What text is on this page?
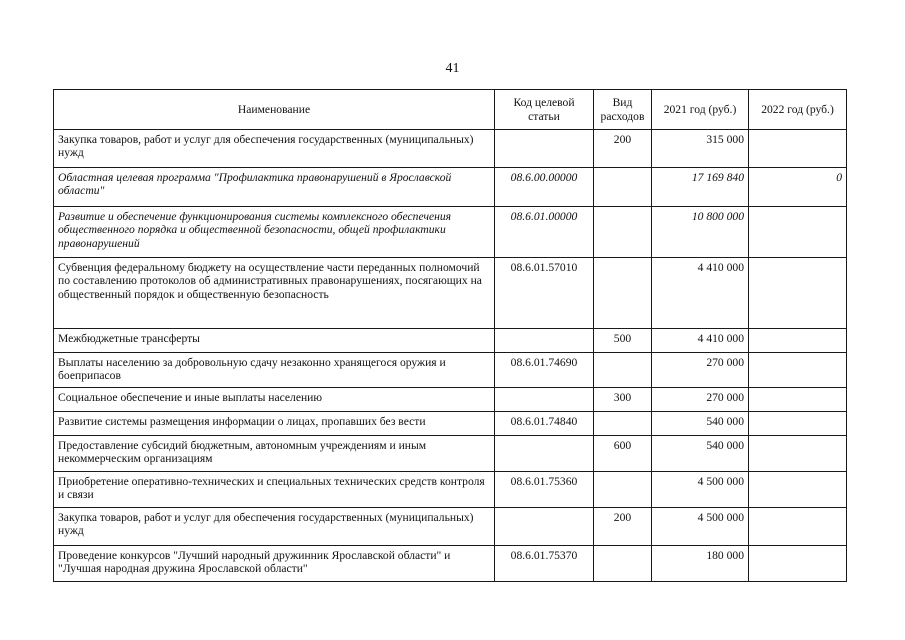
41
Наименование	Код целевой статьи	Вид расходов	2021 год (руб.)	2022 год (руб.)
Закупка товаров, работ и услуг для обеспечения государственных (муниципальных) нужд		200	315 000	
Областная целевая программа "Профилактика правонарушений в Ярославской области"	08.6.00.00000		17 169 840	0
Развитие и обеспечение функционирования системы комплексного обеспечения общественного порядка и общественной безопасности, общей профилактики правонарушений	08.6.01.00000		10 800 000	
Субвенция федеральному бюджету на осуществление части переданных полномочий по составлению протоколов об административных правонарушениях, посягающих на общественный порядок и общественную безопасность	08.6.01.57010		4 410 000	
Межбюджетные трансферты		500	4 410 000	
Выплаты населению за добровольную сдачу незаконно хранящегося оружия и боеприпасов	08.6.01.74690		270 000	
Социальное обеспечение и иные выплаты населению		300	270 000	
Развитие системы размещения информации о лицах, пропавших без вести	08.6.01.74840		540 000	
Предоставление субсидий бюджетным, автономным учреждениям и иным некоммерческим организациям		600	540 000	
Приобретение оперативно-технических и специальных технических средств контроля и связи	08.6.01.75360		4 500 000	
Закупка товаров, работ и услуг для обеспечения государственных (муниципальных) нужд		200	4 500 000	
Проведение конкурсов "Лучший народный дружинник Ярославской области" и "Лучшая народная дружина Ярославской области"	08.6.01.75370		180 000	
